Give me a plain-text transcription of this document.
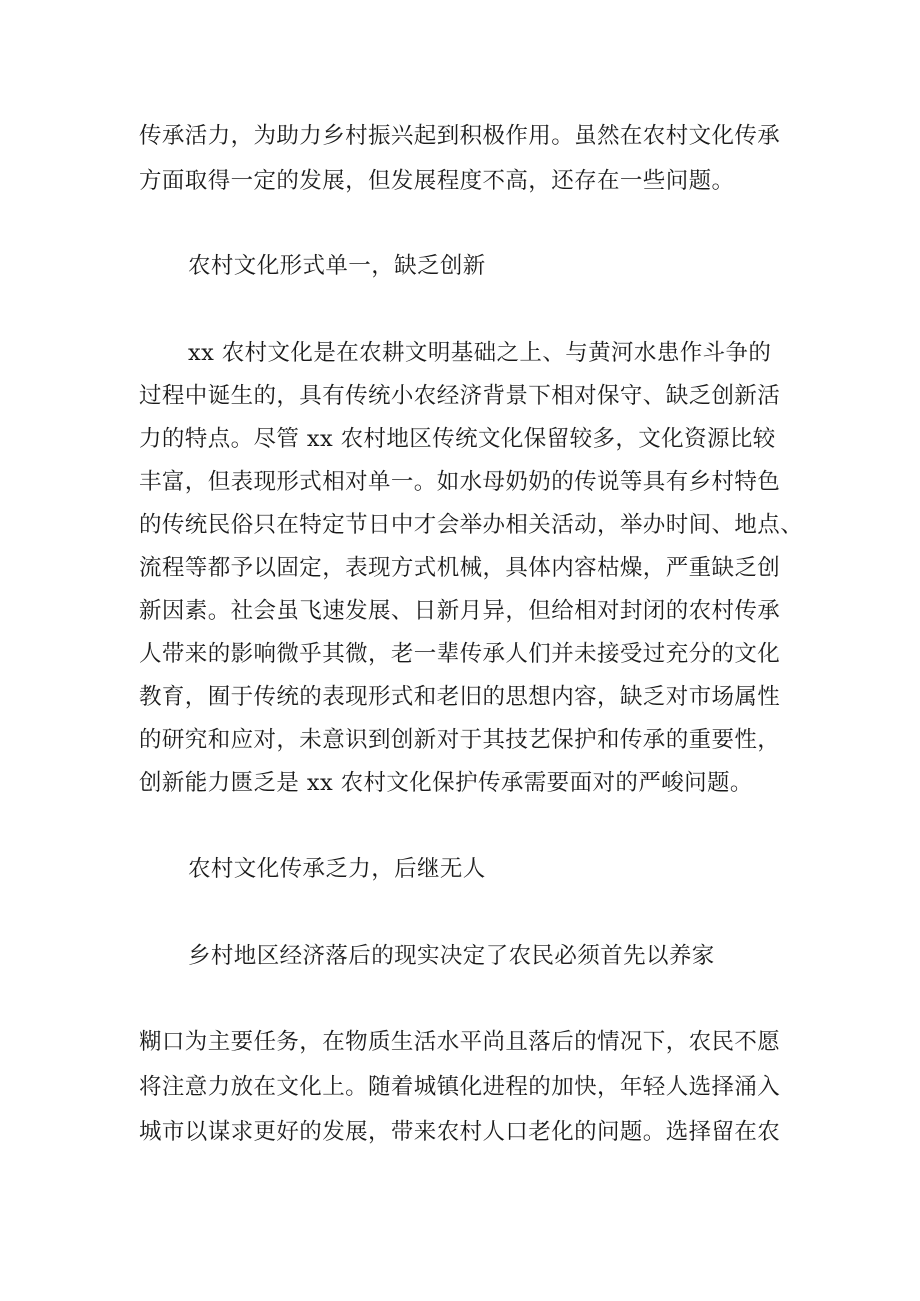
传承活力，为助力乡村振兴起到积极作用。虽然在农村文化传承
方面取得一定的发展，但发展程度不高，还存在一些问题。
农村文化形式单一，缺乏创新
xx 农村文化是在农耕文明基础之上、与黄河水患作斗争的
过程中诞生的，具有传统小农经济背景下相对保守、缺乏创新活
力的特点。尽管 xx 农村地区传统文化保留较多，文化资源比较
丰富，但表现形式相对单一。如水母奶奶的传说等具有乡村特色
的传统民俗只在特定节日中才会举办相关活动，举办时间、地点、
流程等都予以固定，表现方式机械，具体内容枯燥，严重缺乏创
新因素。社会虽飞速发展、日新月异，但给相对封闭的农村传承
人带来的影响微乎其微，老一辈传承人们并未接受过充分的文化
教育，囿于传统的表现形式和老旧的思想内容，缺乏对市场属性
的研究和应对，未意识到创新对于其技艺保护和传承的重要性，
创新能力匮乏是 xx 农村文化保护传承需要面对的严峻问题。
农村文化传承乏力，后继无人
乡村地区经济落后的现实决定了农民必须首先以养家
糊口为主要任务，在物质生活水平尚且落后的情况下，农民不愿
将注意力放在文化上。随着城镇化进程的加快，年轻人选择涌入
城市以谋求更好的发展，带来农村人口老化的问题。选择留在农
